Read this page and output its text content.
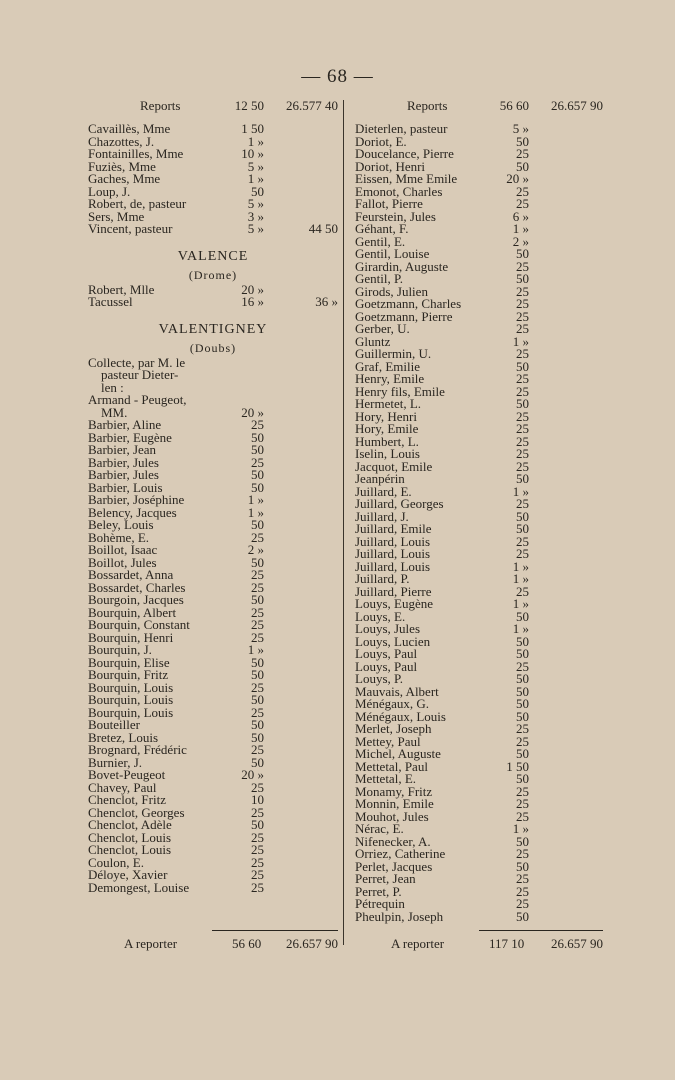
— 68 —
Reports	12 50 26.577 40
Cavaillès, Mme	1 50
Chazottes, J.	1 »
Fontainilles, Mme	10 »
Fuziès, Mme	5 »
Gaches, Mme	1 »
Loup, J.	50
Robert, de, pasteur	5 »
Sers, Mme	3 »
Vincent, pasteur	5 »	44 50
VALENCE
(Drome)
Robert, Mlle	20 »
Tacussel	16 »	36 »
VALENTIGNEY
(Doubs)
Collecte, par M. le
pasteur Dieter-
len :
Armand - Peugeot,
MM.	20 »
Barbier, Aline	25
Barbier, Eugène	50
Barbier, Jean	50
Barbier, Jules	25
Barbier, Jules	50
Barbier, Louis	50
Barbier, Joséphine	1 »
Belency, Jacques	1 »
Beley, Louis	50
Bohème, E.	25
Boillot, Isaac	2 »
Boillot, Jules	50
Bossardet, Anna	25
Bossardet, Charles	25
Bourgoin, Jacques	50
Bourquin, Albert	25
Bourquin, Constant	25
Bourquin, Henri	25
Bourquin, J.	1 »
Bourquin, Elise	50
Bourquin, Fritz	50
Bourquin, Louis	25
Bourquin, Louis	50
Bourquin, Louis	25
Bouteiller	50
Bretez, Louis	50
Brognard, Frédéric	25
Burnier, J.	50
Bovet-Peugeot	20 »
Chavey, Paul	25
Chenclot, Fritz	10
Chenclot, Georges	25
Chenclot, Adèle	50
Chenclot, Louis	25
Chenclot, Louis	25
Coulon, E.	25
Déloye, Xavier	25
Demongest, Louise	25
A reporter	56 60 26.657 90
Reports	56 60 26.657 90
Dieterlen, pasteur	5 »
Doriot, E.	50
Doucelance, Pierre	25
Doriot, Henri	50
Eissen, Mme Emile	20 »
Emonot, Charles	25
Fallot, Pierre	25
Feurstein, Jules	6 »
Géhant, F.	1 »
Gentil, E.	2 »
Gentil, Louise	50
Girardin, Auguste	25
Gentil, P.	50
Girods, Julien	25
Goetzmann, Charles	25
Goetzmann, Pierre	25
Gerber, U.	25
Gluntz	1 »
Guillermin, U.	25
Graf, Emilie	50
Henry, Emile	25
Henry fils, Emile	25
Hermetet, L.	50
Hory, Henri	25
Hory, Emile	25
Humbert, L.	25
Iselin, Louis	25
Jacquot, Emile	25
Jeanpérin	50
Juillard, E.	1 »
Juillard, Georges	25
Juillard, J.	50
Juillard, Emile	50
Juillard, Louis	25
Juillard, Louis	25
Juillard, Louis	1 »
Juillard, P.	1 »
Juillard, Pierre	25
Louys, Eugène	1 »
Louys, E.	50
Louys, Jules	1 »
Louys, Lucien	50
Louys, Paul	50
Louys, Paul	25
Louys, P.	50
Mauvais, Albert	50
Ménégaux, G.	50
Ménégaux, Louis	50
Merlet, Joseph	25
Mettey, Paul	25
Michel, Auguste	50
Mettetal, Paul	1 50
Mettetal, E.	50
Monamy, Fritz	25
Monnin, Emile	25
Mouhot, Jules	25
Nérac, E.	1 »
Nifenecker, A.	50
Orriez, Catherine	25
Perlet, Jacques	50
Perret, Jean	25
Perret, P.	25
Pétrequin	25
Pheulpin, Joseph	50
A reporter	117 10 26.657 90
